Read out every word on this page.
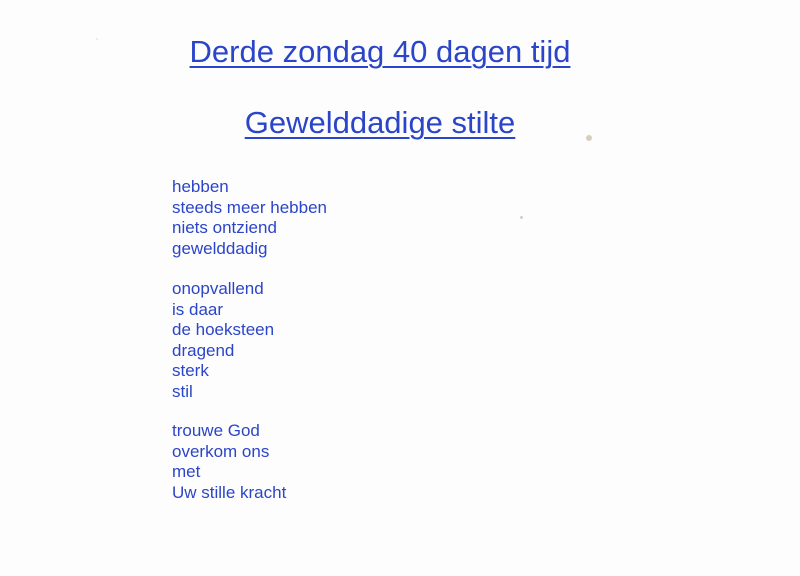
Derde zondag 40 dagen tijd
Gewelddadige stilte
hebben
steeds meer hebben
niets ontziend
gewelddadig
onopvallend
is daar
de hoeksteen
dragend
sterk
stil
trouwe God
overkom ons
met
Uw stille kracht
